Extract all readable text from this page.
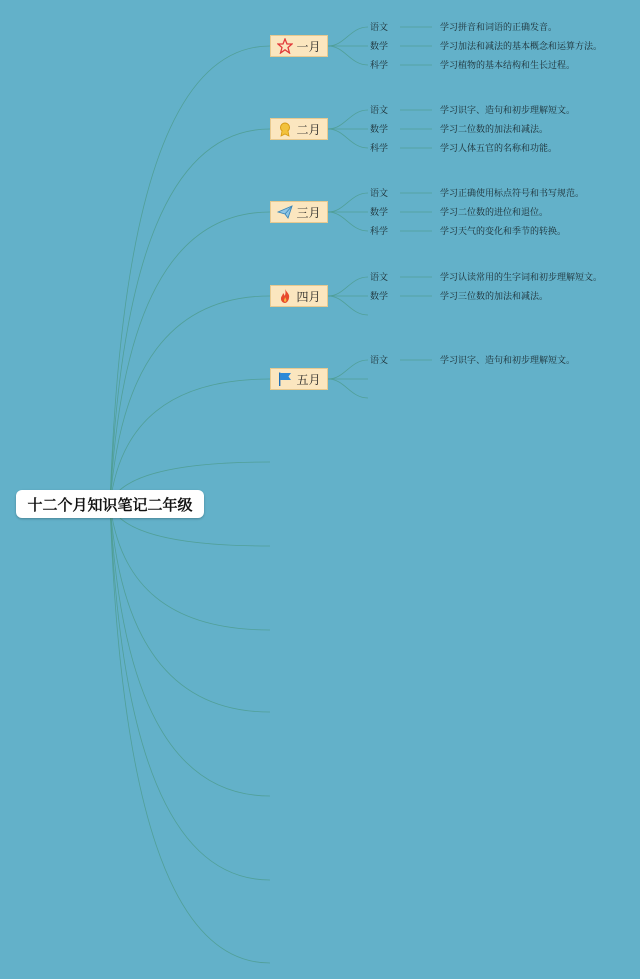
十二个月知识笔记二年级
一月
语文	学习拼音和词语的正确发音。
数学	学习加法和减法的基本概念和运算方法。
科学	学习植物的基本结构和生长过程。
二月
语文	学习识字、造句和初步理解短文。
数学	学习二位数的加法和减法。
科学	学习人体五官的名称和功能。
三月
语文	学习正确使用标点符号和书写规范。
数学	学习二位数的进位和退位。
科学	学习天气的变化和季节的转换。
四月
语文	学习认读常用的生字词和初步理解短文。
数学	学习三位数的加法和减法。
五月
语文	学习识字、造句和初步理解短文。
